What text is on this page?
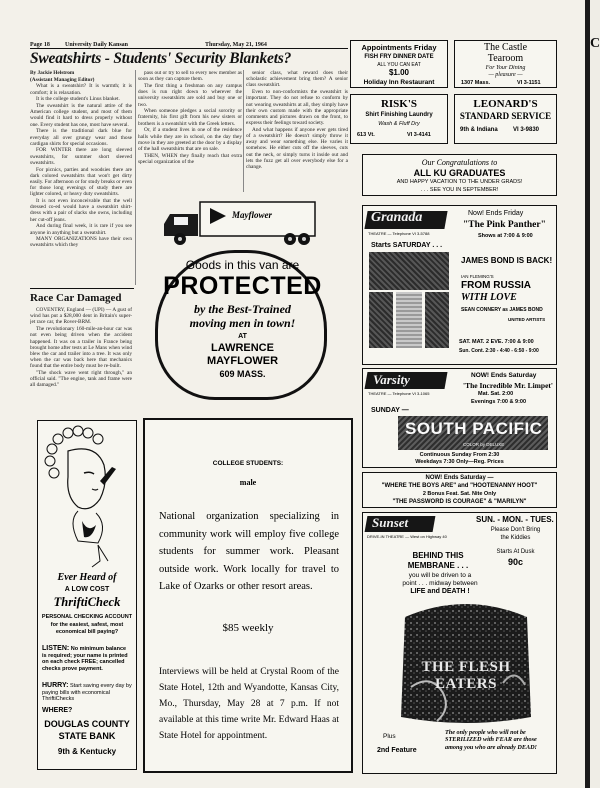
Page 18	University Daily Kansan	Thursday, May 21, 1964
Sweatshirts - Students' Security Blankets?

By Jackie Helstrom

(Assistant Managing Editor)

What is a sweatshirt? It is warmth; it is comfort; it is relaxation.

It is the college student's Linus blanket.

The sweatshirt is the natural attire of the American college student, and most of them would find it hard to dress properly without one. Every student has one, most have several.

There is the traditional dark blue for everyday all over grungy wear and those cardigan shirts for special occasions.

FOR WINTER there are long sleeved sweatshirts, for summer short sleeved sweatshirts.

For picnics, parties and woodsies there are dark colored sweatshirts that won't get dirty easily. For afternoon or for study breaks or even for those long evenings of study there are lighter colored, or heavy duty sweatshirts.

It is not even inconceivable that the well dressed co-ed would have a sweatshirt shirt-dress with a pair of slacks she owns, including her cut-off jeans.

And during final week, it is rare if you see anyone in anything but a sweatshirt.

MANY ORGANIZATIONS have their own sweatshirts which they

pass out or try to sell to every new member as soon as they can capture them.

The first thing a freshman on any campus does is run right down to wherever the university sweatshirts are sold and buy one or two.

When someone pledges a social sorority or fraternity, his first gift from his new sisters or brothers is a sweatshirt with the Greek letters.

Or, if a student lives in one of the residence halls while they are in school, on the day they move in they are greeted at the door by a display of the hall sweatshirts that are on sale.

THEN, WHEN they finally reach that extra special organization of the

senior class, what reward does their scholastic achievement bring them? A senior class sweatshirt.

Even to non-conformists the sweatshirt is important. They do not refuse to conform by not wearing sweatshirts at all, they simply have their own custom made with the appropriate comments and pictures drawn on the front, to express their feelings toward society.

And what happens if anyone ever gets tired of a sweatshirt? He doesn't simply throw it away and wear something else. He varies it somehow. He either cuts off the sleeves, cuts out the neck, or simply turns it inside out and lets the fuzz get all over everybody else for a change.

Race Car Damaged

COVENTRY, England — (UPI) — A gust of wind has put a $28,000 dent in Britain's super-jet race car, the Rover-BRM.

The revolutionary 160-mile-an-hour car was not even being driven when the accident happened. It was on a trailer in France being brought home after tests at Le Mans when wind blew the car and trailer into a tree. It was only when the car was back here that mechanics found that the entire body must be re-built.

"The shock wave went right through," an official said. "The engine, tank and frame were all damaged."

Mayflower
Goods in this van are
PROTECTED
by the Best-Trained
moving men in town!
AT
LAWRENCE
MAYFLOWER
609 MASS.
Ever Heard of
A LOW COST
ThriftiCheck
PERSONAL CHECKING ACCOUNT
for the easiest, safest, most economical bill paying?
LISTEN: No minimum balance is required; your name is printed on each check FREE; cancelled checks prove payment.
HURRY: Start saving every day by paying bills with economical ThriftiChecks
WHERE?
DOUGLAS COUNTY
STATE BANK
9th & Kentucky
COLLEGE STUDENTS:
male
National organization specializing in community work will employ five college students for summer work. Pleasant outside work. Work locally for travel to Lake of Ozarks or other resort areas.
$85 weekly
Interviews will be held at Crystal Room of the State Hotel, 12th and Wyandotte, Kansas City, Mo., Thursday, May 28 at 7 p.m. If not available at this time write Mr. Edward Haas at State Hotel for appointment.
Appointments Friday
FISH FRY DINNER DATE
ALL YOU CAN EAT
$1.00
Holiday Inn Restaurant
The Castle
Tearoom
For Your Dining
— pleasure —
1307 Mass.	VI 3-1151
RISK'S
Shirt Finishing Laundry
Wash & Fluff Dry
613 Vt.	VI 3-4141
LEONARD'S
STANDARD SERVICE
9th & Indiana	VI 3-9830
Our Congratulations to
ALL KU GRADUATES
AND HAPPY VACATION TO THE UNDER GRADS!
. . . SEE YOU IN SEPTEMBER!
Granada
THEATRE — Telephone VI 3-5788
Now! Ends Friday
"The Pink Panther"
Shows at 7:00 & 9:00
Starts SATURDAY . . .
JAMES BOND IS BACK!
IAN FLEMING'S
FROM RUSSIA
WITH LOVE
SEAN CONNERY as JAMES BOND
UNITED ARTISTS
SAT. MAT. 2 EVE. 7:00 & 9:00
Sun. Cont. 2:30 - 4:40 - 6:50 - 9:00
Varsity
THEATRE — Telephone VI 3-1065
NOW! Ends Saturday
'The Incredible Mr. Limpet'
Mat. Sat. 2:00
Evenings 7:00 & 9:00
SUNDAY —
SOUTH PACIFIC
COLOR by DELUXE
Continuous Sunday From 2:30
Weekdays 7:30 Only—Reg. Prices
NOW! Ends Saturday —
"WHERE THE BOYS ARE" and "HOOTENANNY HOOT"
2 Bonus Feat. Sat. Nite Only
"THE PASSWORD IS COURAGE" & "MARILYN"
Sunset
DRIVE-IN THEATRE — West on Highway 40
SUN. - MON. - TUES.
Please Don't Bring
the Kiddies
Starts At Dusk
90c
BEHIND THIS
MEMBRANE . . .
you will be driven to a
point . . . midway between
LIFE and DEATH !
THE FLESH EATERS
Plus
2nd Feature
The only people who will not be STERILIZED with FEAR are those among you who are already DEAD!
C
